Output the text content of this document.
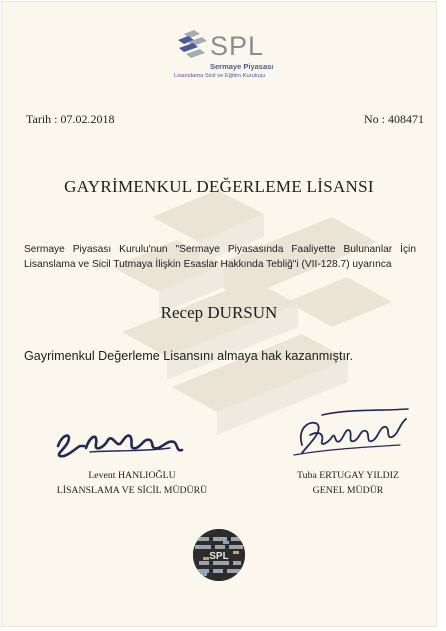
SPL
Sermaye Piyasası
Lisanslama Sicil ve Eğitim Kuruluşu
Tarih : 07.02.2018	No : 408471
GAYRİMENKUL DEĞERLEME LİSANSI
Sermaye Piyasası Kurulu'nun "Sermaye Piyasasında Faaliyette Bulunanlar İçin Lisanslama ve Sicil Tutmaya İlişkin Esaslar Hakkında Tebliğ"i (VII-128.7) uyarınca
Recep DURSUN
Gayrimenkul Değerleme Lisansını almaya hak kazanmıştır.
Levent HANLIOĞLU
LİSANSLAMA VE SİCİL MÜDÜRÜ
Tuba ERTUGAY YILDIZ
GENEL MÜDÜR
SPL
